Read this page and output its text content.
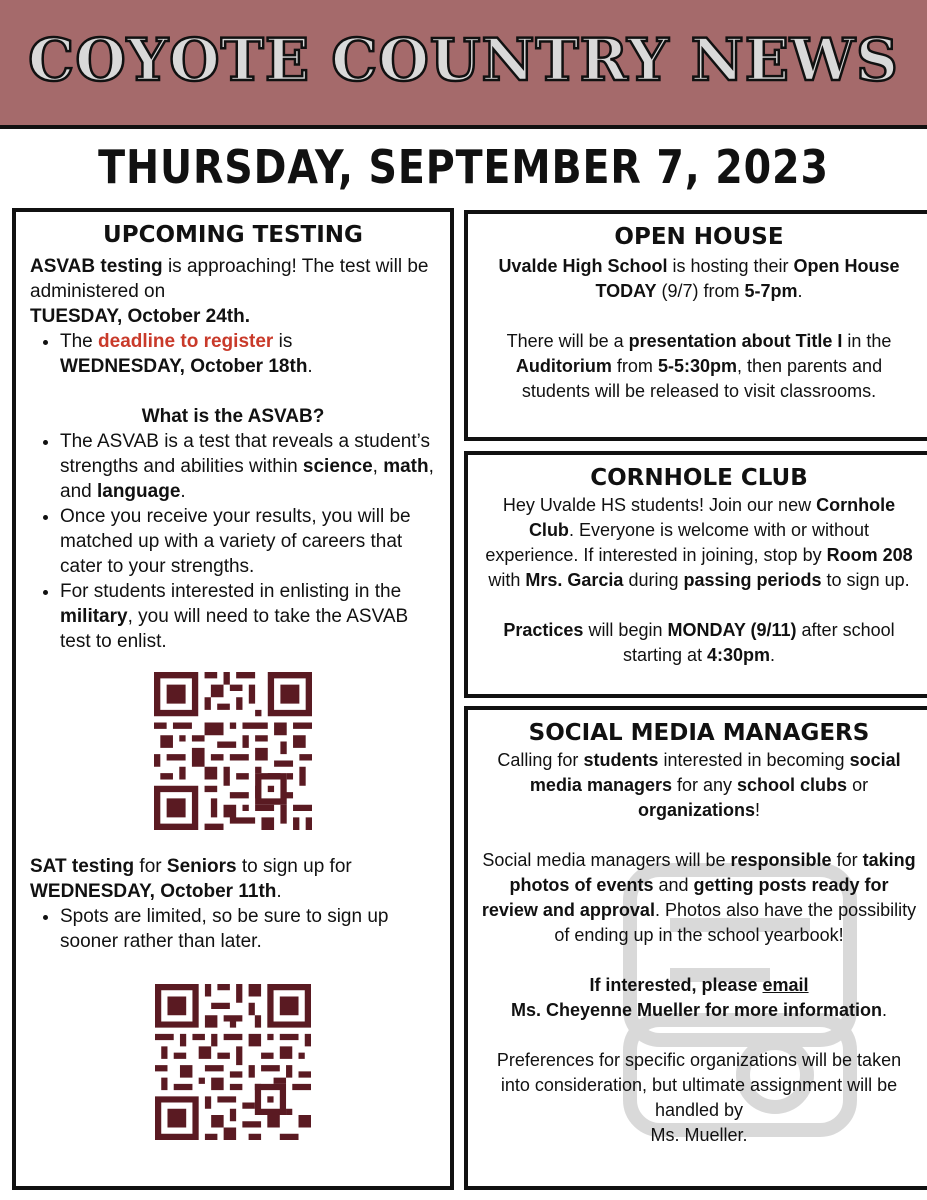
COYOTE COUNTRY NEWS
THURSDAY, SEPTEMBER 7, 2023
UPCOMING TESTING

ASVAB testing is approaching! The test will be administered on
TUESDAY, October 24th.

• The deadline to register is
WEDNESDAY, October 18th.

What is the ASVAB?

• The ASVAB is a test that reveals a student’s strengths and abilities within science, math, and language.
• Once you receive your results, you will be matched up with a variety of careers that cater to your strengths.
• For students interested in enlisting in the military, you will need to take the ASVAB test to enlist.

SAT testing for Seniors to sign up for
WEDNESDAY, October 11th.

• Spots are limited, so be sure to sign up sooner rather than later.
OPEN HOUSE

Uvalde High School is hosting their Open House TODAY (9/7) from 5-7pm.

There will be a presentation about Title I in the Auditorium from 5-5:30pm, then parents and students will be released to visit classrooms.

CORNHOLE CLUB

Hey Uvalde HS students! Join our new Cornhole Club. Everyone is welcome with or without experience. If interested in joining, stop by Room 208 with Mrs. Garcia during passing periods to sign up.

Practices will begin MONDAY (9/11) after school starting at 4:30pm.

SOCIAL MEDIA MANAGERS

Calling for students interested in becoming social media managers for any school clubs or organizations!

Social media managers will be responsible for taking photos of events and getting posts ready for review and approval. Photos also have the possibility of ending up in the school yearbook!

If interested, please email
Ms. Cheyenne Mueller for more information.

Preferences for specific organizations will be taken into consideration, but ultimate assignment will be handled by
Ms. Mueller.
